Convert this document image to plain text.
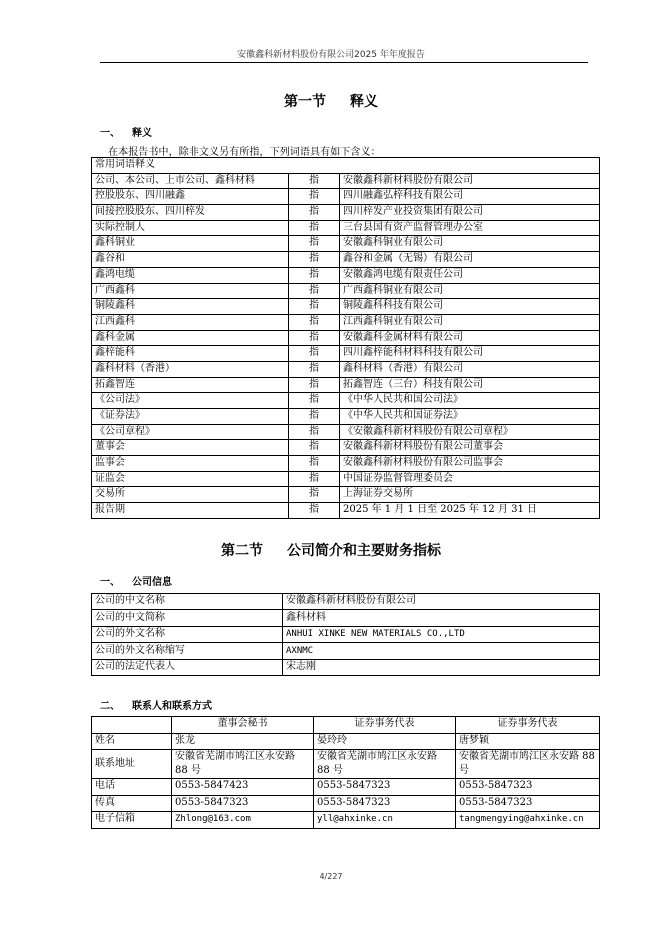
安徽鑫科新材料股份有限公司2025 年年度报告
第一节 释义
一、 释义
在本报告书中，除非文义另有所指，下列词语具有如下含义：
常用词语释义		
公司、本公司、上市公司、鑫科材料	指	安徽鑫科新材料股份有限公司
控股股东、四川融鑫	指	四川融鑫弘梓科技有限公司
间接控股股东、四川梓发	指	四川梓发产业投资集团有限公司
实际控制人	指	三台县国有资产监督管理办公室
鑫科铜业	指	安徽鑫科铜业有限公司
鑫谷和	指	鑫谷和金属（无锡）有限公司
鑫鸿电缆	指	安徽鑫鸿电缆有限责任公司
广西鑫科	指	广西鑫科铜业有限公司
铜陵鑫科	指	铜陵鑫科科技有限公司
江西鑫科	指	江西鑫科铜业有限公司
鑫科金属	指	安徽鑫科金属材料有限公司
鑫梓能科	指	四川鑫梓能科材料科技有限公司
鑫科材料（香港）	指	鑫科材料（香港）有限公司
拓鑫智连	指	拓鑫智连（三台）科技有限公司
《公司法》	指	《中华人民共和国公司法》
《证券法》	指	《中华人民共和国证券法》
《公司章程》	指	《安徽鑫科新材料股份有限公司章程》
董事会	指	安徽鑫科新材料股份有限公司董事会
监事会	指	安徽鑫科新材料股份有限公司监事会
证监会	指	中国证券监督管理委员会
交易所	指	上海证券交易所
报告期	指	2025 年 1 月 1 日至 2025 年 12 月 31 日
第二节 公司简介和主要财务指标
一、 公司信息
公司的中文名称	安徽鑫科新材料股份有限公司
公司的中文简称	鑫科材料
公司的外文名称	ANHUI XINKE NEW MATERIALS CO.,LTD
公司的外文名称缩写	AXNMC
公司的法定代表人	宋志刚
二、 联系人和联系方式
	董事会秘书	证券事务代表	证券事务代表
姓名	张龙	晏玲玲	唐梦颖
联系地址	安徽省芜湖市鸠江区永安路 88 号	安徽省芜湖市鸠江区永安路 88 号	安徽省芜湖市鸠江区永安路 88 号
电话	0553-5847423	0553-5847323	0553-5847323
传真	0553-5847323	0553-5847323	0553-5847323
电子信箱	Zhlong@163.com	yll@ahxinke.cn	tangmengying@ahxinke.cn
4/227
